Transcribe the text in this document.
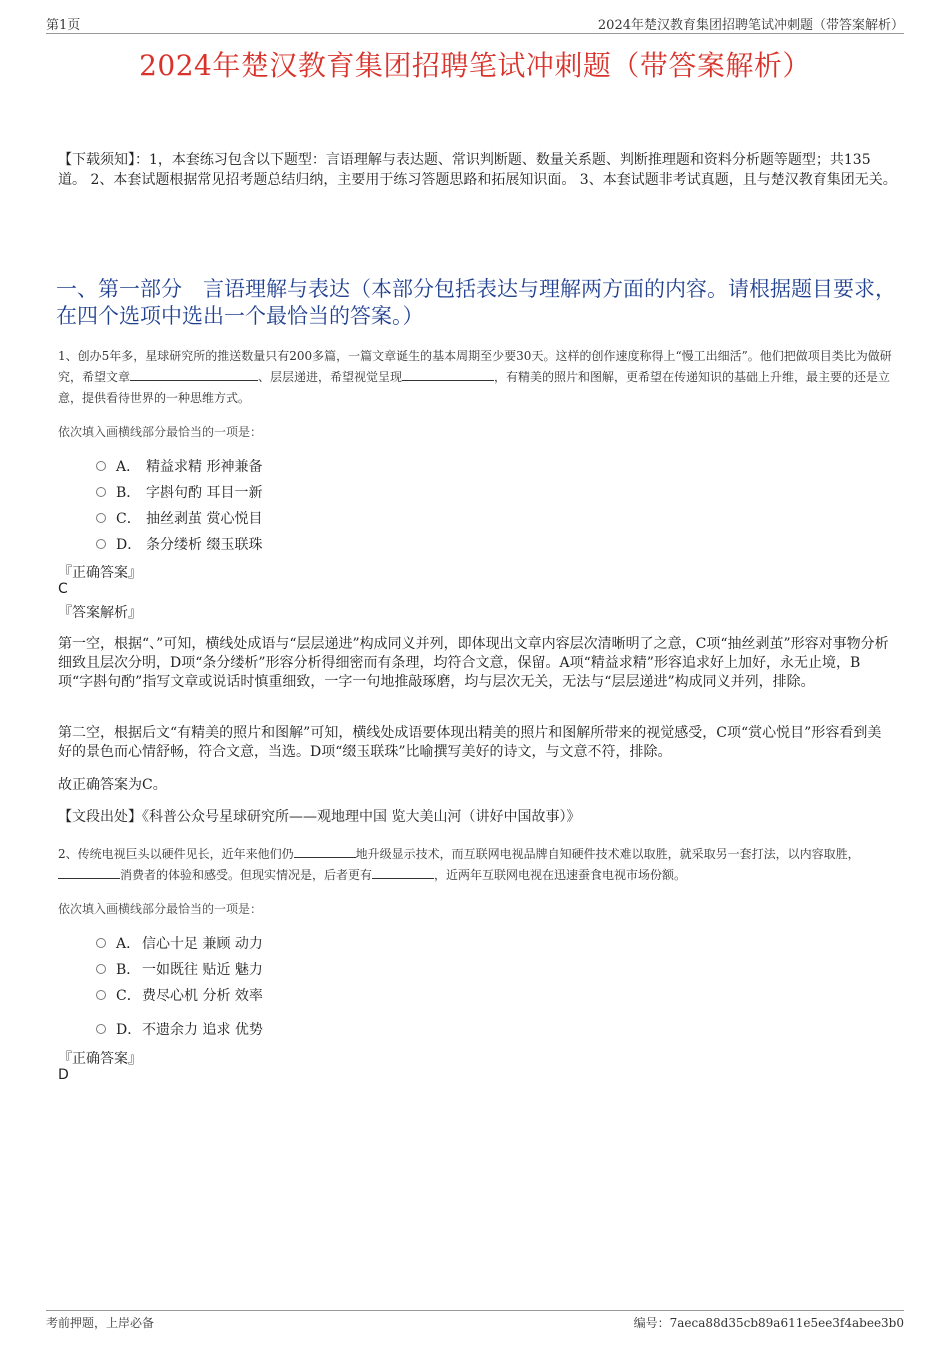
第1页	2024年楚汉教育集团招聘笔试冲刺题（带答案解析）
2024年楚汉教育集团招聘笔试冲刺题（带答案解析）
【下载须知】：1，本套练习包含以下题型：言语理解与表达题、常识判断题、数量关系题、判断推理题和资料分析题等题型；共135道。 2、本套试题根据常见招考题总结归纳，主要用于练习答题思路和拓展知识面。 3、本套试题非考试真题，且与楚汉教育集团无关。
一、第一部分　言语理解与表达（本部分包括表达与理解两方面的内容。请根据题目要求，在四个选项中选出一个最恰当的答案。）
1、创办5年多，星球研究所的推送数量只有200多篇，一篇文章诞生的基本周期至少要30天。这样的创作速度称得上“慢工出细活”。他们把做项目类比为做研究，希望文章	、层层递进，希望视觉呈现	，有精美的照片和图解，更希望在传递知识的基础上升维，最主要的还是立意，提供看待世界的一种思维方式。
依次填入画横线部分最恰当的一项是：
A． 精益求精 形神兼备
B． 字斟句酌 耳目一新
C． 抽丝剥茧 赏心悦目
D． 条分缕析 缀玉联珠
『正确答案』
C
『答案解析』
第一空，根据“、”可知，横线处成语与“层层递进”构成同义并列，即体现出文章内容层次清晰明了之意，C项“抽丝剥茧”形容对事物分析细致且层次分明，D项“条分缕析”形容分析得细密而有条理，均符合文意，保留。A项“精益求精”形容追求好上加好，永无止境，B项“字斟句酌”指写文章或说话时慎重细致，一字一句地推敲琢磨，均与层次无关，无法与“层层递进”构成同义并列，排除。
第二空，根据后文“有精美的照片和图解”可知，横线处成语要体现出精美的照片和图解所带来的视觉感受，C项“赏心悦目”形容看到美好的景色而心情舒畅，符合文意，当选。D项“缀玉联珠”比喻撰写美好的诗文，与文意不符，排除。
故正确答案为C。
【文段出处】《科普公众号星球研究所——观地理中国 览大美山河（讲好中国故事）》
2、传统电视巨头以硬件见长，近年来他们仍	地升级显示技术，而互联网电视品牌自知硬件技术难以取胜，就采取另一套打法，以内容取胜，消费者的体验和感受。但现实情况是，后者更有	，近两年互联网电视在迅速蚕食电视市场份额。
依次填入画横线部分最恰当的一项是：
A． 信心十足 兼顾 动力
B． 一如既往 贴近 魅力
C． 费尽心机 分析 效率
D． 不遗余力 追求 优势
『正确答案』
D
考前押题，上岸必备	编号：7aeca88d35cb89a611e5ee3f4abee3b0
